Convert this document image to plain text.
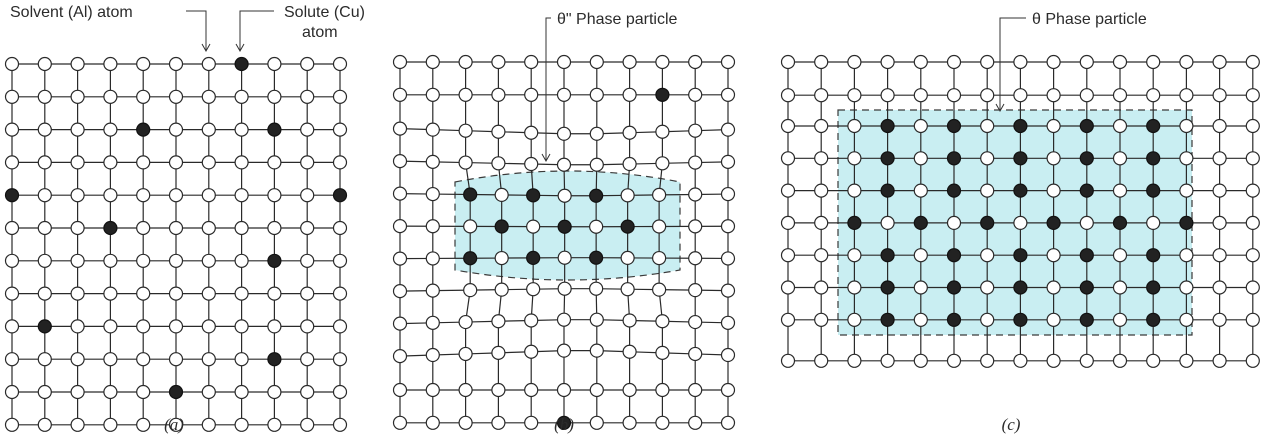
Solvent (Al) atom	Solute (Cu)
atom
(a)
θ" Phase particle
(b)
θ Phase particle
(c)
